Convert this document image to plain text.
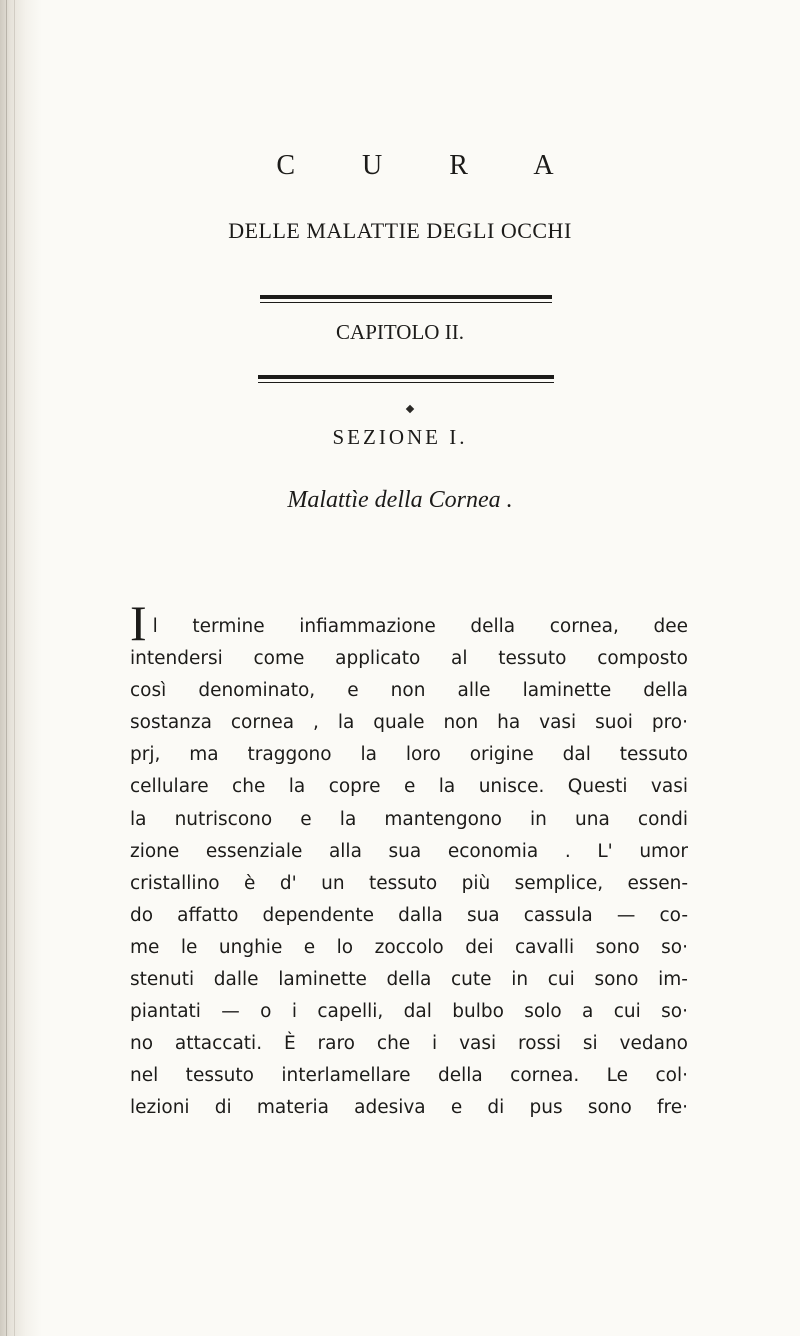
C U R A
DELLE MALATTIE DEGLI OCCHI
CAPITOLO II.
SEZIONE I.
Malattìe della Cornea .
I l termine infiammazione della cornea, dee
intendersi come applicato al tessuto composto
così denominato, e non alle laminette della
sostanza cornea , la quale non ha vasi suoi pro·
prj, ma traggono la loro origine dal tessuto
cellulare che la copre e la unisce. Questi vasi
la nutriscono e la mantengono in una condi
zione essenziale alla sua economia . L' umor
cristallino è d' un tessuto più semplice, essen-
do affatto dependente dalla sua cassula — co-
me le unghie e lo zoccolo dei cavalli sono so·
stenuti dalle laminette della cute in cui sono im-
piantati — o i capelli, dal bulbo solo a cui so·
no attaccati. È raro che i vasi rossi si vedano
nel tessuto interlamellare della cornea. Le col·
lezioni di materia adesiva e di pus sono fre·
